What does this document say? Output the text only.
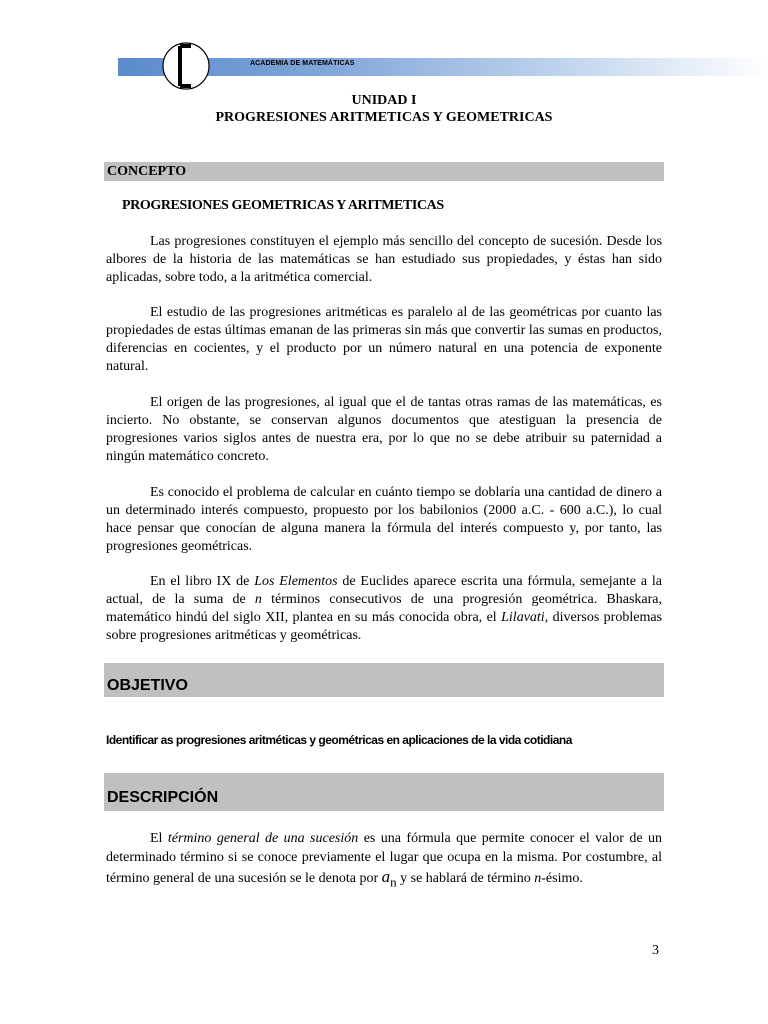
ACADEMIA DE MATEMÁTICAS
UNIDAD I
PROGRESIONES ARITMETICAS Y GEOMETRICAS
CONCEPTO
PROGRESIONES GEOMETRICAS Y ARITMETICAS

Las progresiones constituyen el ejemplo más sencillo del concepto de sucesión. Desde los albores de la historia de las matemáticas se han estudiado sus propiedades, y éstas han sido aplicadas, sobre todo, a la aritmética comercial.

El estudio de las progresiones aritméticas es paralelo al de las geométricas por cuanto las propiedades de estas últimas emanan de las primeras sin más que convertir las sumas en productos, diferencias en cocientes, y el producto por un número natural en una potencia de exponente natural.

El origen de las progresiones, al igual que el de tantas otras ramas de las matemáticas, es incierto. No obstante, se conservan algunos documentos que atestiguan la presencia de progresiones varios siglos antes de nuestra era, por lo que no se debe atribuir su paternidad a ningún matemático concreto.

Es conocido el problema de calcular en cuánto tiempo se doblaría una cantidad de dinero a un determinado interés compuesto, propuesto por los babilonios (2000 a.C. - 600 a.C.), lo cual hace pensar que conocían de alguna manera la fórmula del interés compuesto y, por tanto, las progresiones geométricas.

En el libro IX de Los Elementos de Euclides aparece escrita una fórmula, semejante a la actual, de la suma de n términos consecutivos de una progresión geométrica. Bhaskara, matemático hindú del siglo XII, plantea en su más conocida obra, el Lilavati, diversos problemas sobre progresiones aritméticas y geométricas.

OBJETIVO
Identificar as progresiones aritméticas y geométricas en aplicaciones de la vida cotidiana
DESCRIPCIÓN

El término general de una sucesión es una fórmula que permite conocer el valor de un determinado término si se conoce previamente el lugar que ocupa en la misma. Por costumbre, al término general de una sucesión se le denota por $a_n$ y se hablará de término n-ésimo.

3
